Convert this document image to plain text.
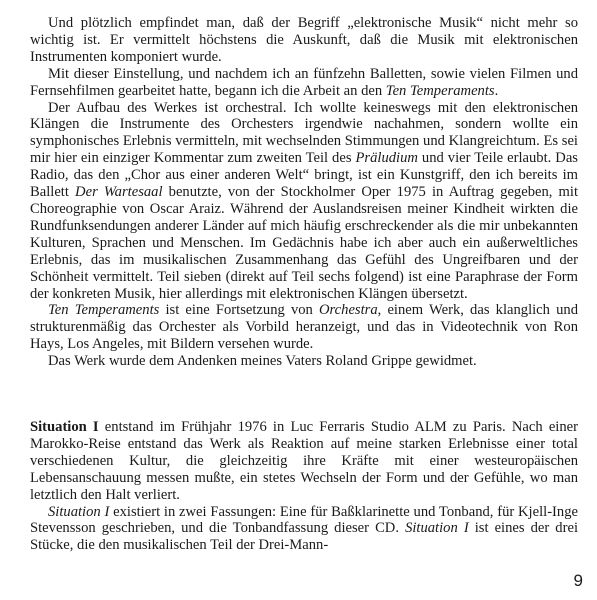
Und plötzlich empfindet man, daß der Begriff „elektronische Musik“ nicht mehr so wichtig ist. Er vermittelt höchstens die Auskunft, daß die Musik mit elektronischen Instrumenten komponiert wurde.

Mit dieser Einstellung, und nachdem ich an fünfzehn Balletten, sowie vielen Filmen und Fernsehfilmen gearbeitet hatte, begann ich die Arbeit an den Ten Temperaments.

Der Aufbau des Werkes ist orchestral. Ich wollte keineswegs mit den elektronischen Klängen die Instrumente des Orchesters irgendwie nachahmen, sondern wollte ein symphonisches Erlebnis vermitteln, mit wechselnden Stimmungen und Klangreichtum. Es sei mir hier ein einziger Kommentar zum zweiten Teil des Präludium und vier Teile erlaubt. Das Radio, das den „Chor aus einer anderen Welt“ bringt, ist ein Kunstgriff, den ich bereits im Ballett Der Wartesaal benutzte, von der Stockholmer Oper 1975 in Auftrag gegeben, mit Choreographie von Oscar Araiz. Während der Auslandsreisen meiner Kindheit wirkten die Rundfunksendungen anderer Länder auf mich häufig erschreckender als die mir unbekannten Kulturen, Sprachen und Menschen. Im Gedächnis habe ich aber auch ein außerweltliches Erlebnis, das im musikalischen Zusammenhang das Gefühl des Ungreifbaren und der Schönheit vermittelt. Teil sieben (direkt auf Teil sechs folgend) ist eine Paraphrase der Form der konkreten Musik, hier allerdings mit elektronischen Klängen übersetzt.

Ten Temperaments ist eine Fortsetzung von Orchestra, einem Werk, das klanglich und strukturenmäßig das Orchester als Vorbild heranzeigt, und das in Videotechnik von Ron Hays, Los Angeles, mit Bildern versehen wurde.

Das Werk wurde dem Andenken meines Vaters Roland Grippe gewidmet.

Situation I entstand im Frühjahr 1976 in Luc Ferraris Studio ALM zu Paris. Nach einer Marokko-Reise entstand das Werk als Reaktion auf meine starken Erlebnisse einer total verschiedenen Kultur, die gleichzeitig ihre Kräfte mit einer westeuropäischen Lebensanschauung messen mußte, ein stetes Wechseln der Form und der Gefühle, wo man letztlich den Halt verliert.

Situation I existiert in zwei Fassungen: Eine für Baßklarinette und Tonband, für Kjell-Inge Stevensson geschrieben, und die Tonbandfassung dieser CD. Situation I ist eines der drei Stücke, die den musikalischen Teil der Drei-Mann-

9
